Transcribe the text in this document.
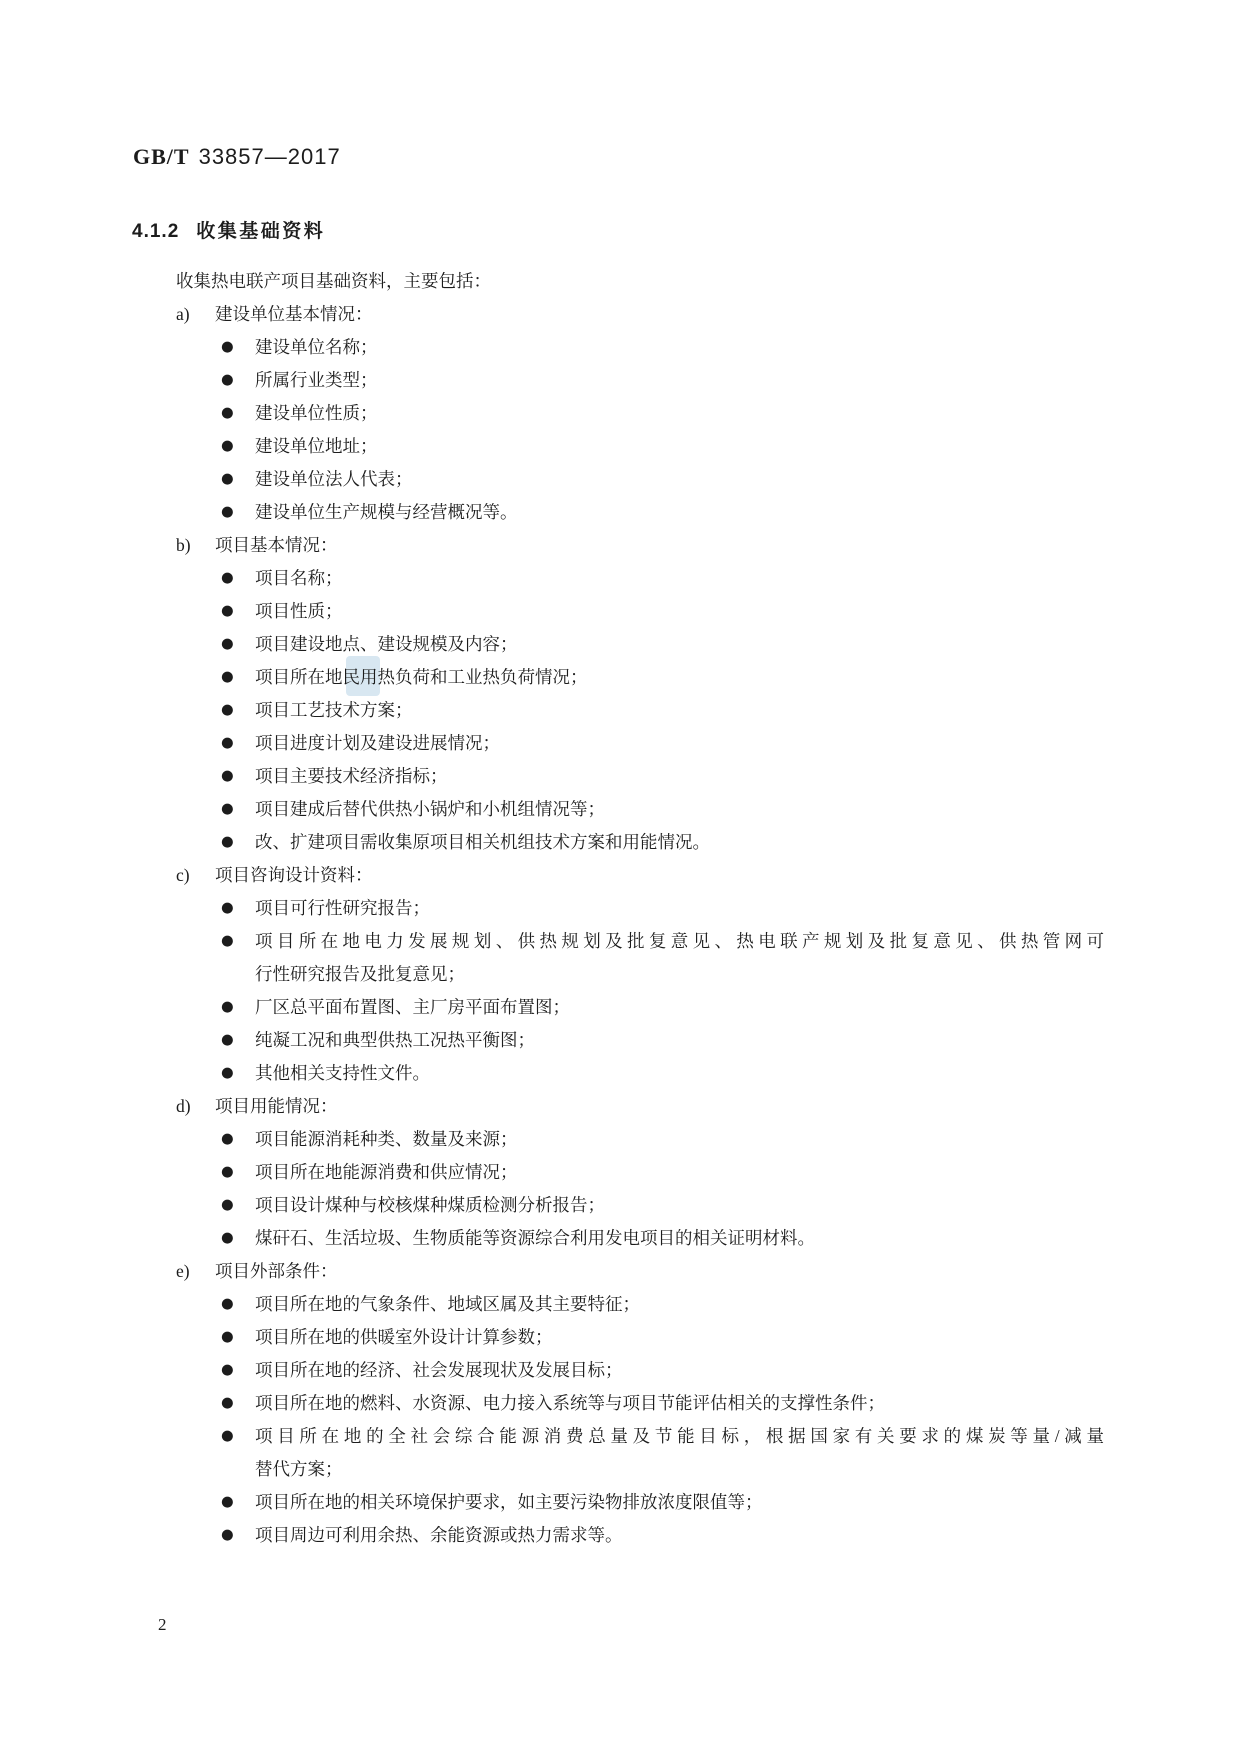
GB/T 33857—2017
4.1.2 收集基础资料
收集热电联产项目基础资料，主要包括：
a) 建设单位基本情况：
● 建设单位名称；
● 所属行业类型；
● 建设单位性质；
● 建设单位地址；
● 建设单位法人代表；
● 建设单位生产规模与经营概况等。
b) 项目基本情况：
● 项目名称；
● 项目性质；
● 项目建设地点、建设规模及内容；
● 项目所在地民用热负荷和工业热负荷情况；
● 项目工艺技术方案；
● 项目进度计划及建设进展情况；
● 项目主要技术经济指标；
● 项目建成后替代供热小锅炉和小机组情况等；
● 改、扩建项目需收集原项目相关机组技术方案和用能情况。
c) 项目咨询设计资料：
● 项目可行性研究报告；
● 项目所在地电力发展规划、供热规划及批复意见、热电联产规划及批复意见、供热管网可
行性研究报告及批复意见；
● 厂区总平面布置图、主厂房平面布置图；
● 纯凝工况和典型供热工况热平衡图；
● 其他相关支持性文件。
d) 项目用能情况：
● 项目能源消耗种类、数量及来源；
● 项目所在地能源消费和供应情况；
● 项目设计煤种与校核煤种煤质检测分析报告；
● 煤矸石、生活垃圾、生物质能等资源综合利用发电项目的相关证明材料。
e) 项目外部条件：
● 项目所在地的气象条件、地域区属及其主要特征；
● 项目所在地的供暖室外设计计算参数；
● 项目所在地的经济、社会发展现状及发展目标；
● 项目所在地的燃料、水资源、电力接入系统等与项目节能评估相关的支撑性条件；
● 项目所在地的全社会综合能源消费总量及节能目标，根据国家有关要求的煤炭等量/减量
替代方案；
● 项目所在地的相关环境保护要求，如主要污染物排放浓度限值等；
● 项目周边可利用余热、余能资源或热力需求等。
2
